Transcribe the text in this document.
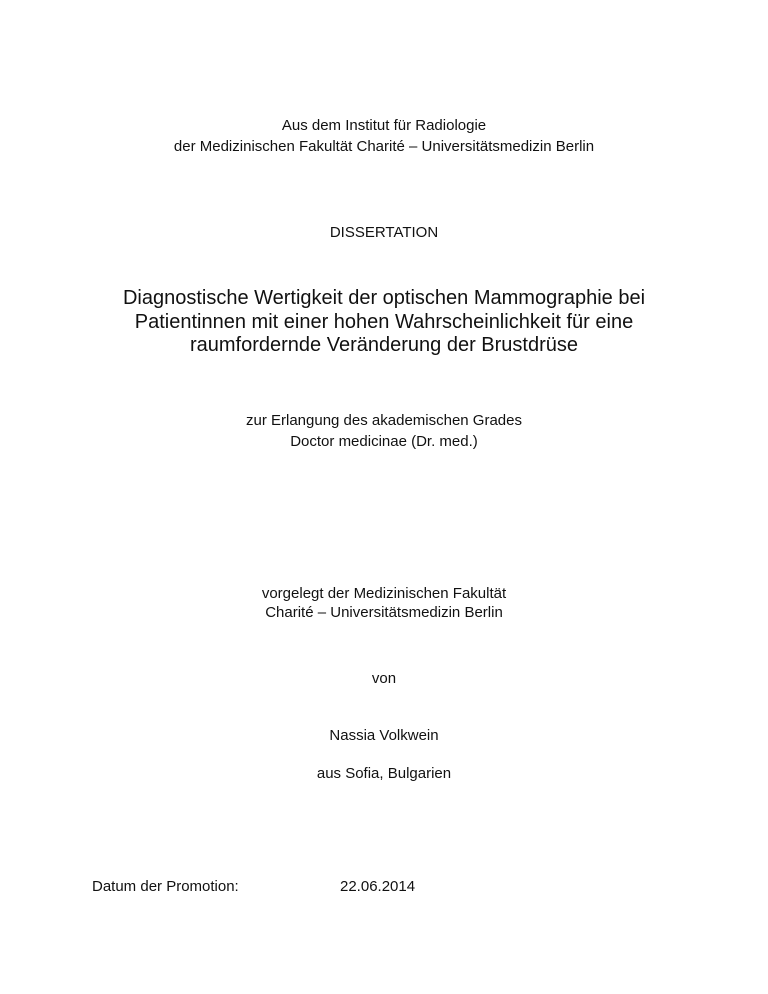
Aus dem Institut für Radiologie
der Medizinischen Fakultät Charité – Universitätsmedizin Berlin
DISSERTATION
Diagnostische Wertigkeit der optischen Mammographie bei
Patientinnen mit einer hohen Wahrscheinlichkeit für eine
raumfordernde Veränderung der Brustdrüse
zur Erlangung des akademischen Grades
Doctor medicinae (Dr. med.)
vorgelegt der Medizinischen Fakultät
Charité – Universitätsmedizin Berlin
von
Nassia Volkwein
aus Sofia, Bulgarien
Datum der Promotion:	22.06.2014
